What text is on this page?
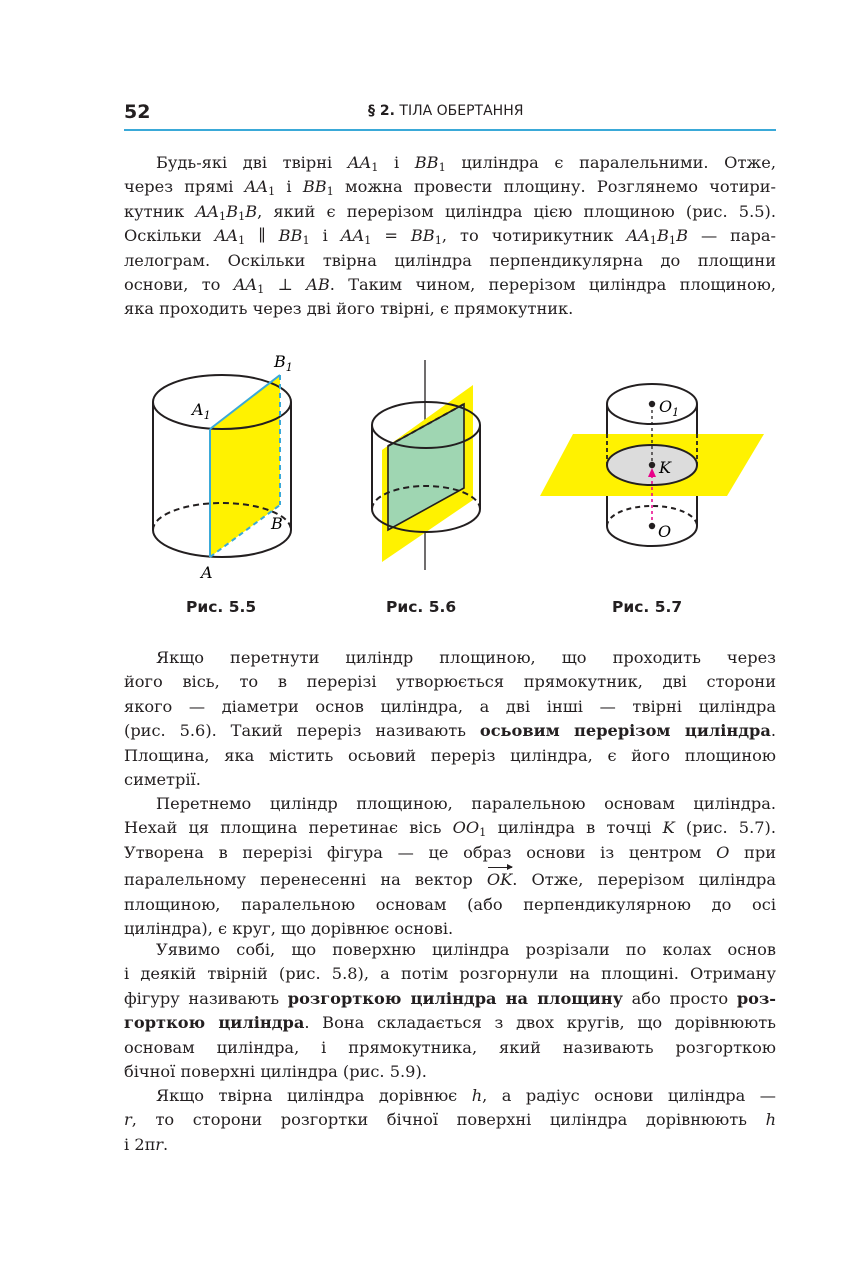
52	§ 2. ТІЛА ОБЕРТАННЯ
Будь-які дві твірні $AA_1$ і $BB_1$ циліндра є паралельними. Отже,
через прямі $AA_1$ і $BB_1$ можна провести площину. Розглянемо чотири-
кутник $AA_1B_1B$, який є перерізом циліндра цією площиною (рис. 5.5).
Оскільки $AA_1$ ∥ $BB_1$ і $AA_1 = BB_1$, то чотирикутник $AA_1B_1B$ — пара-
лелограм. Оскільки твірна циліндра перпендикулярна до площини
основи, то $AA_1$ ⊥ AB. Таким чином, перерізом циліндра площиною,
яка проходить через дві його твірні, є прямокутник.
$B_1$
$A_1$
B
A
$O_1$
K
O
Рис. 5.5	Рис. 5.6	Рис. 5.7
Якщо перетнути циліндр площиною, що проходить через
його вісь, то в перерізі утворюється прямокутник, дві сторони
якого — діаметри основ циліндра, а дві інші — твірні циліндра
(рис. 5.6). Такий переріз називають осьовим перерізом циліндра.
Площина, яка містить осьовий переріз циліндра, є його площиною
симетрії.
Перетнемо циліндр площиною, паралельною основам циліндра.
Нехай ця площина перетинає вісь $OO_1$ циліндра в точці K (рис. 5.7).
Утворена в перерізі фігура — це образ основи із центром O при
паралельному перенесенні на вектор OK. Отже, перерізом циліндра
площиною, паралельною основам (або перпендикулярною до осі
циліндра), є круг, що дорівнює основі.
Уявимо собі, що поверхню циліндра розрізали по колах основ
і деякій твірній (рис. 5.8), а потім розгорнули на площині. Отриману
фігуру називають розгорткою циліндра на площину або просто роз-
горткою циліндра. Вона складається з двох кругів, що дорівнюють
основам циліндра, і прямокутника, який називають розгорткою
бічної поверхні циліндра (рис. 5.9).
Якщо твірна циліндра дорівнює h, а радіус основи циліндра —
r, то сторони розгортки бічної поверхні циліндра дорівнюють h
і 2πr.
